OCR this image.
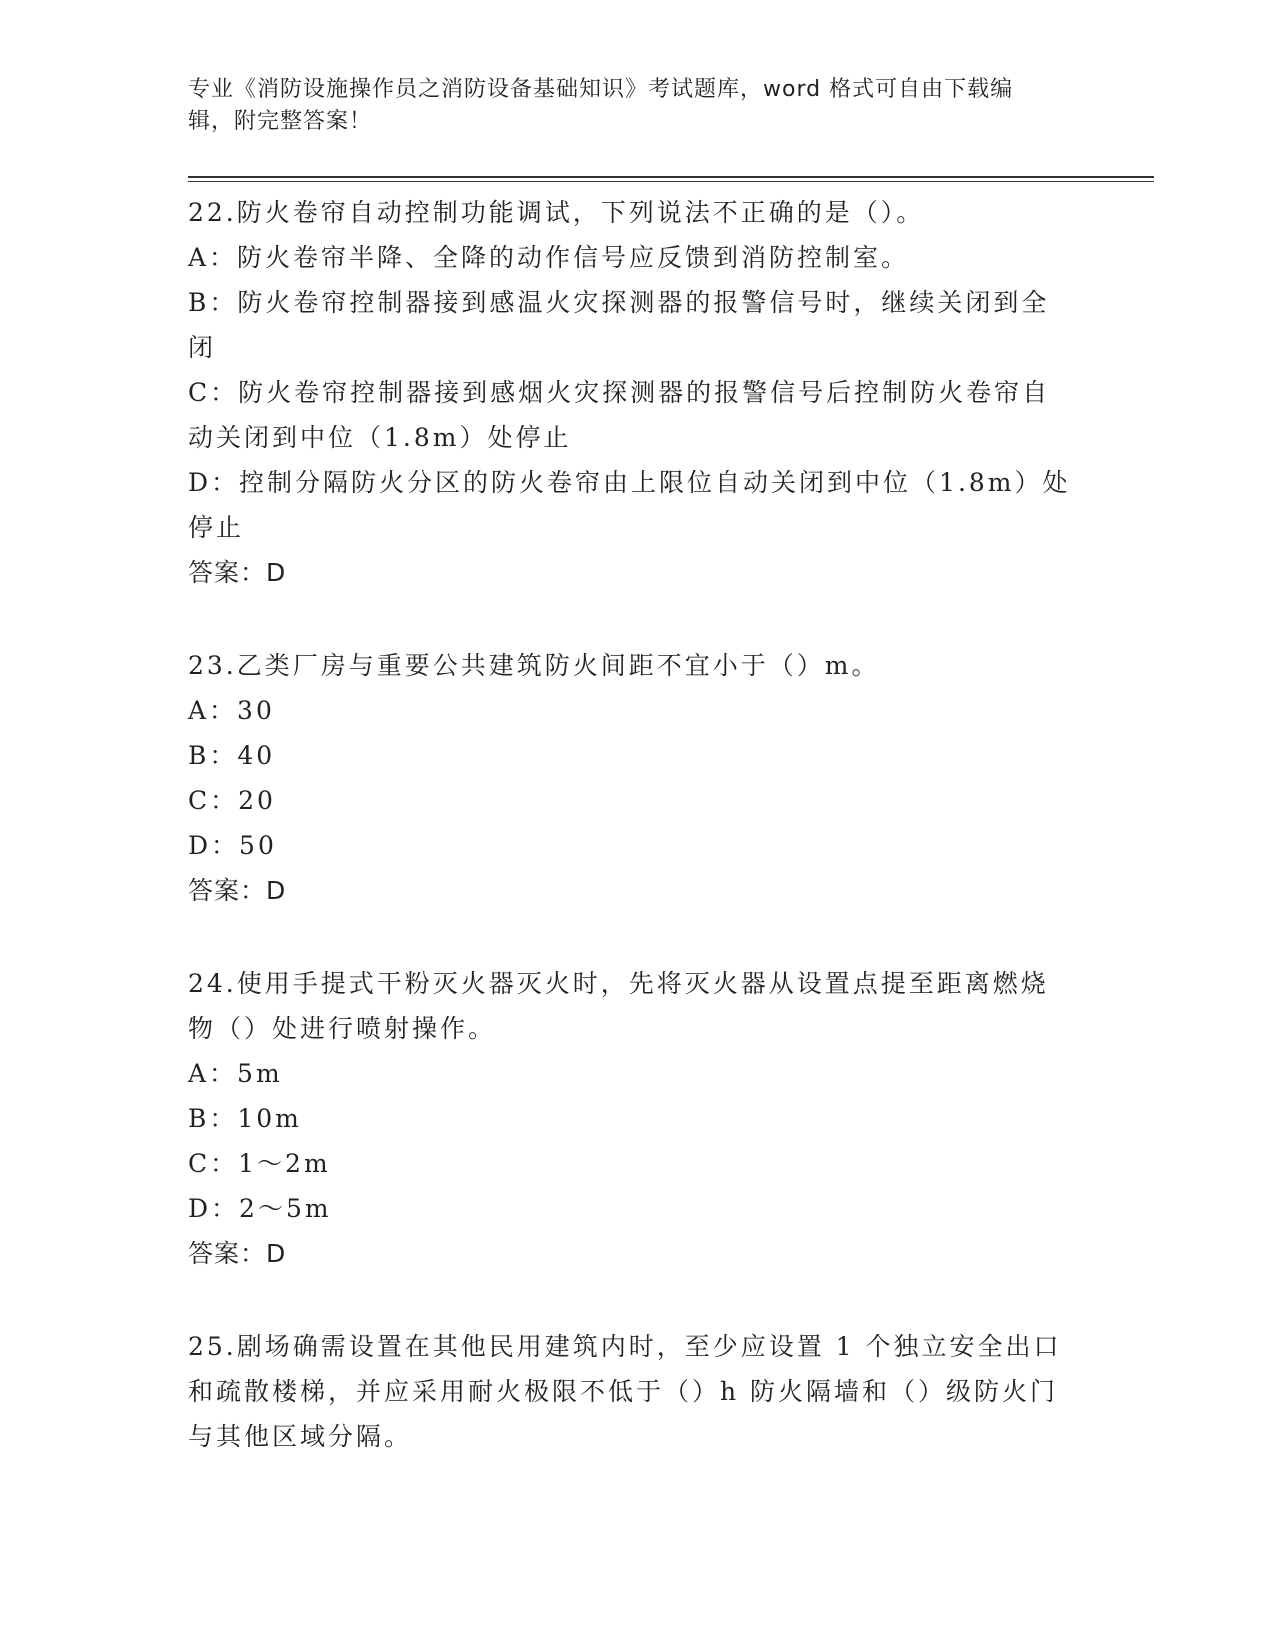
专业《消防设施操作员之消防设备基础知识》考试题库，word 格式可自由下载编
辑，附完整答案！

22.防火卷帘自动控制功能调试，下列说法不正确的是（）。

A：防火卷帘半降、全降的动作信号应反馈到消防控制室。

B：防火卷帘控制器接到感温火灾探测器的报警信号时，继续关闭到全

闭

C：防火卷帘控制器接到感烟火灾探测器的报警信号后控制防火卷帘自

动关闭到中位（1.8m）处停止

D：控制分隔防火分区的防火卷帘由上限位自动关闭到中位（1.8m）处

停止

答案：D

23.乙类厂房与重要公共建筑防火间距不宜小于（）m。

A：30

B：40

C：20

D：50

答案：D

24.使用手提式干粉灭火器灭火时，先将灭火器从设置点提至距离燃烧

物（）处进行喷射操作。

A：5m

B：10m

C：1～2m

D：2～5m

答案：D

25.剧场确需设置在其他民用建筑内时，至少应设置 1 个独立安全出口

和疏散楼梯，并应采用耐火极限不低于（）h 防火隔墙和（）级防火门

与其他区域分隔。
